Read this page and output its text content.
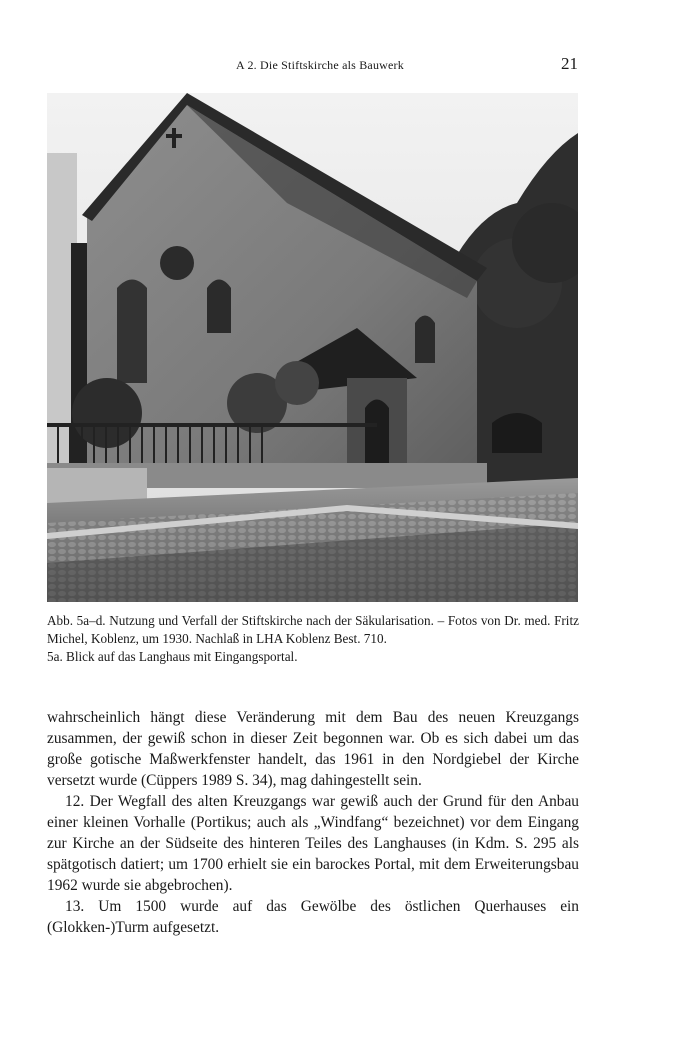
A 2. Die Stiftskirche als Bauwerk	21

Abb. 5a–d. Nutzung und Verfall der Stiftskirche nach der Säkularisation. – Fotos von Dr. med. Fritz Michel, Koblenz, um 1930. Nachlaß in LHA Koblenz Best. 710.

5a. Blick auf das Langhaus mit Eingangsportal.

wahrscheinlich hängt diese Veränderung mit dem Bau des neuen Kreuzgangs zusammen, der gewiß schon in dieser Zeit begonnen war. Ob es sich dabei um das große gotische Maßwerkfenster handelt, das 1961 in den Nordgiebel der Kirche versetzt wurde (Cüppers 1989 S. 34), mag dahingestellt sein.

12. Der Wegfall des alten Kreuzgangs war gewiß auch der Grund für den Anbau einer kleinen Vorhalle (Portikus; auch als „Windfang“ bezeichnet) vor dem Eingang zur Kirche an der Südseite des hinteren Teiles des Langhauses (in Kdm. S. 295 als spätgotisch datiert; um 1700 erhielt sie ein barockes Portal, mit dem Erweiterungsbau 1962 wurde sie abgebrochen).

13. Um 1500 wurde auf das Gewölbe des östlichen Querhauses ein (Glokken-)Turm aufgesetzt.
